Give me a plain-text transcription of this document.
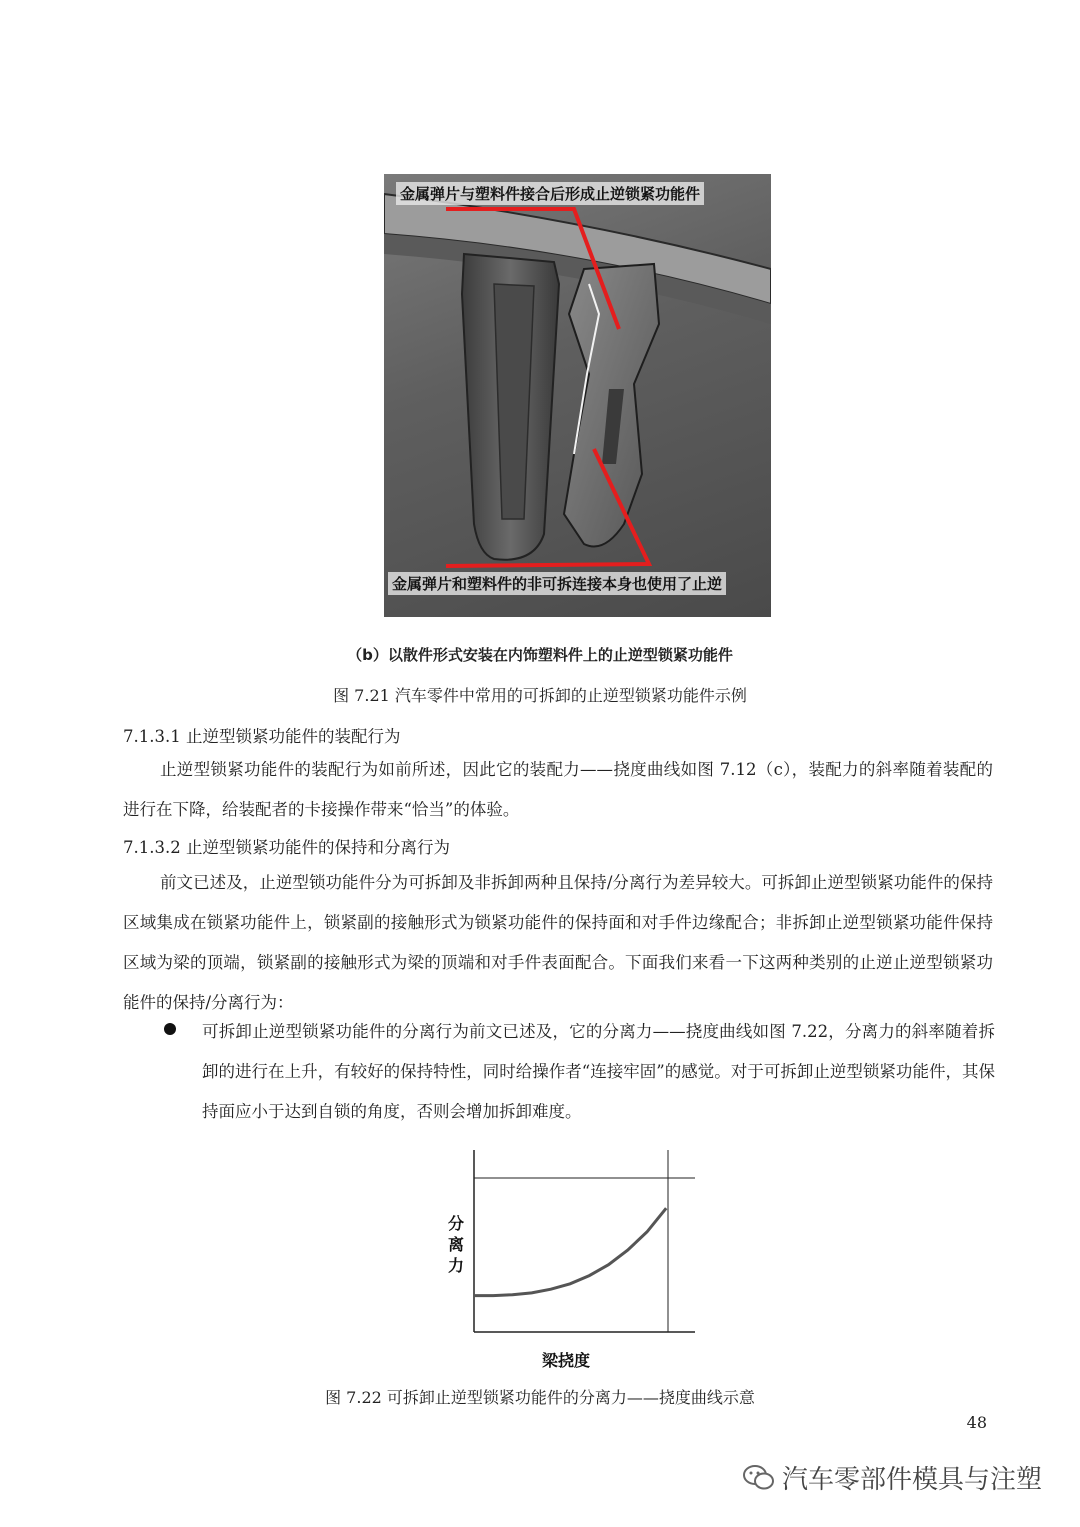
金属弹片与塑料件接合后形成止逆锁紧功能件
金属弹片和塑料件的非可拆连接本身也使用了止逆
（b）以散件形式安装在内饰塑料件上的止逆型锁紧功能件
图 7.21 汽车零件中常用的可拆卸的止逆型锁紧功能件示例
7.1.3.1 止逆型锁紧功能件的装配行为

止逆型锁紧功能件的装配行为如前所述，因此它的装配力——挠度曲线如图 7.12（c），装配力的斜率随着装配的进行在下降，给装配者的卡接操作带来“恰当”的体验。

7.1.3.2 止逆型锁紧功能件的保持和分离行为

前文已述及，止逆型锁功能件分为可拆卸及非拆卸两种且保持/分离行为差异较大。可拆卸止逆型锁紧功能件的保持区域集成在锁紧功能件上，锁紧副的接触形式为锁紧功能件的保持面和对手件边缘配合；非拆卸止逆型锁紧功能件保持区域为梁的顶端，锁紧副的接触形式为梁的顶端和对手件表面配合。下面我们来看一下这两种类别的止逆止逆型锁紧功能件的保持/分离行为：

可拆卸止逆型锁紧功能件的分离行为前文已述及，它的分离力——挠度曲线如图 7.22，分离力的斜率随着拆卸的进行在上升，有较好的保持特性，同时给操作者“连接牢固”的感觉。对于可拆卸止逆型锁紧功能件，其保持面应小于达到自锁的角度，否则会增加拆卸难度。

分
离
力
梁挠度
图 7.22 可拆卸止逆型锁紧功能件的分离力——挠度曲线示意
48
汽车零部件模具与注塑
